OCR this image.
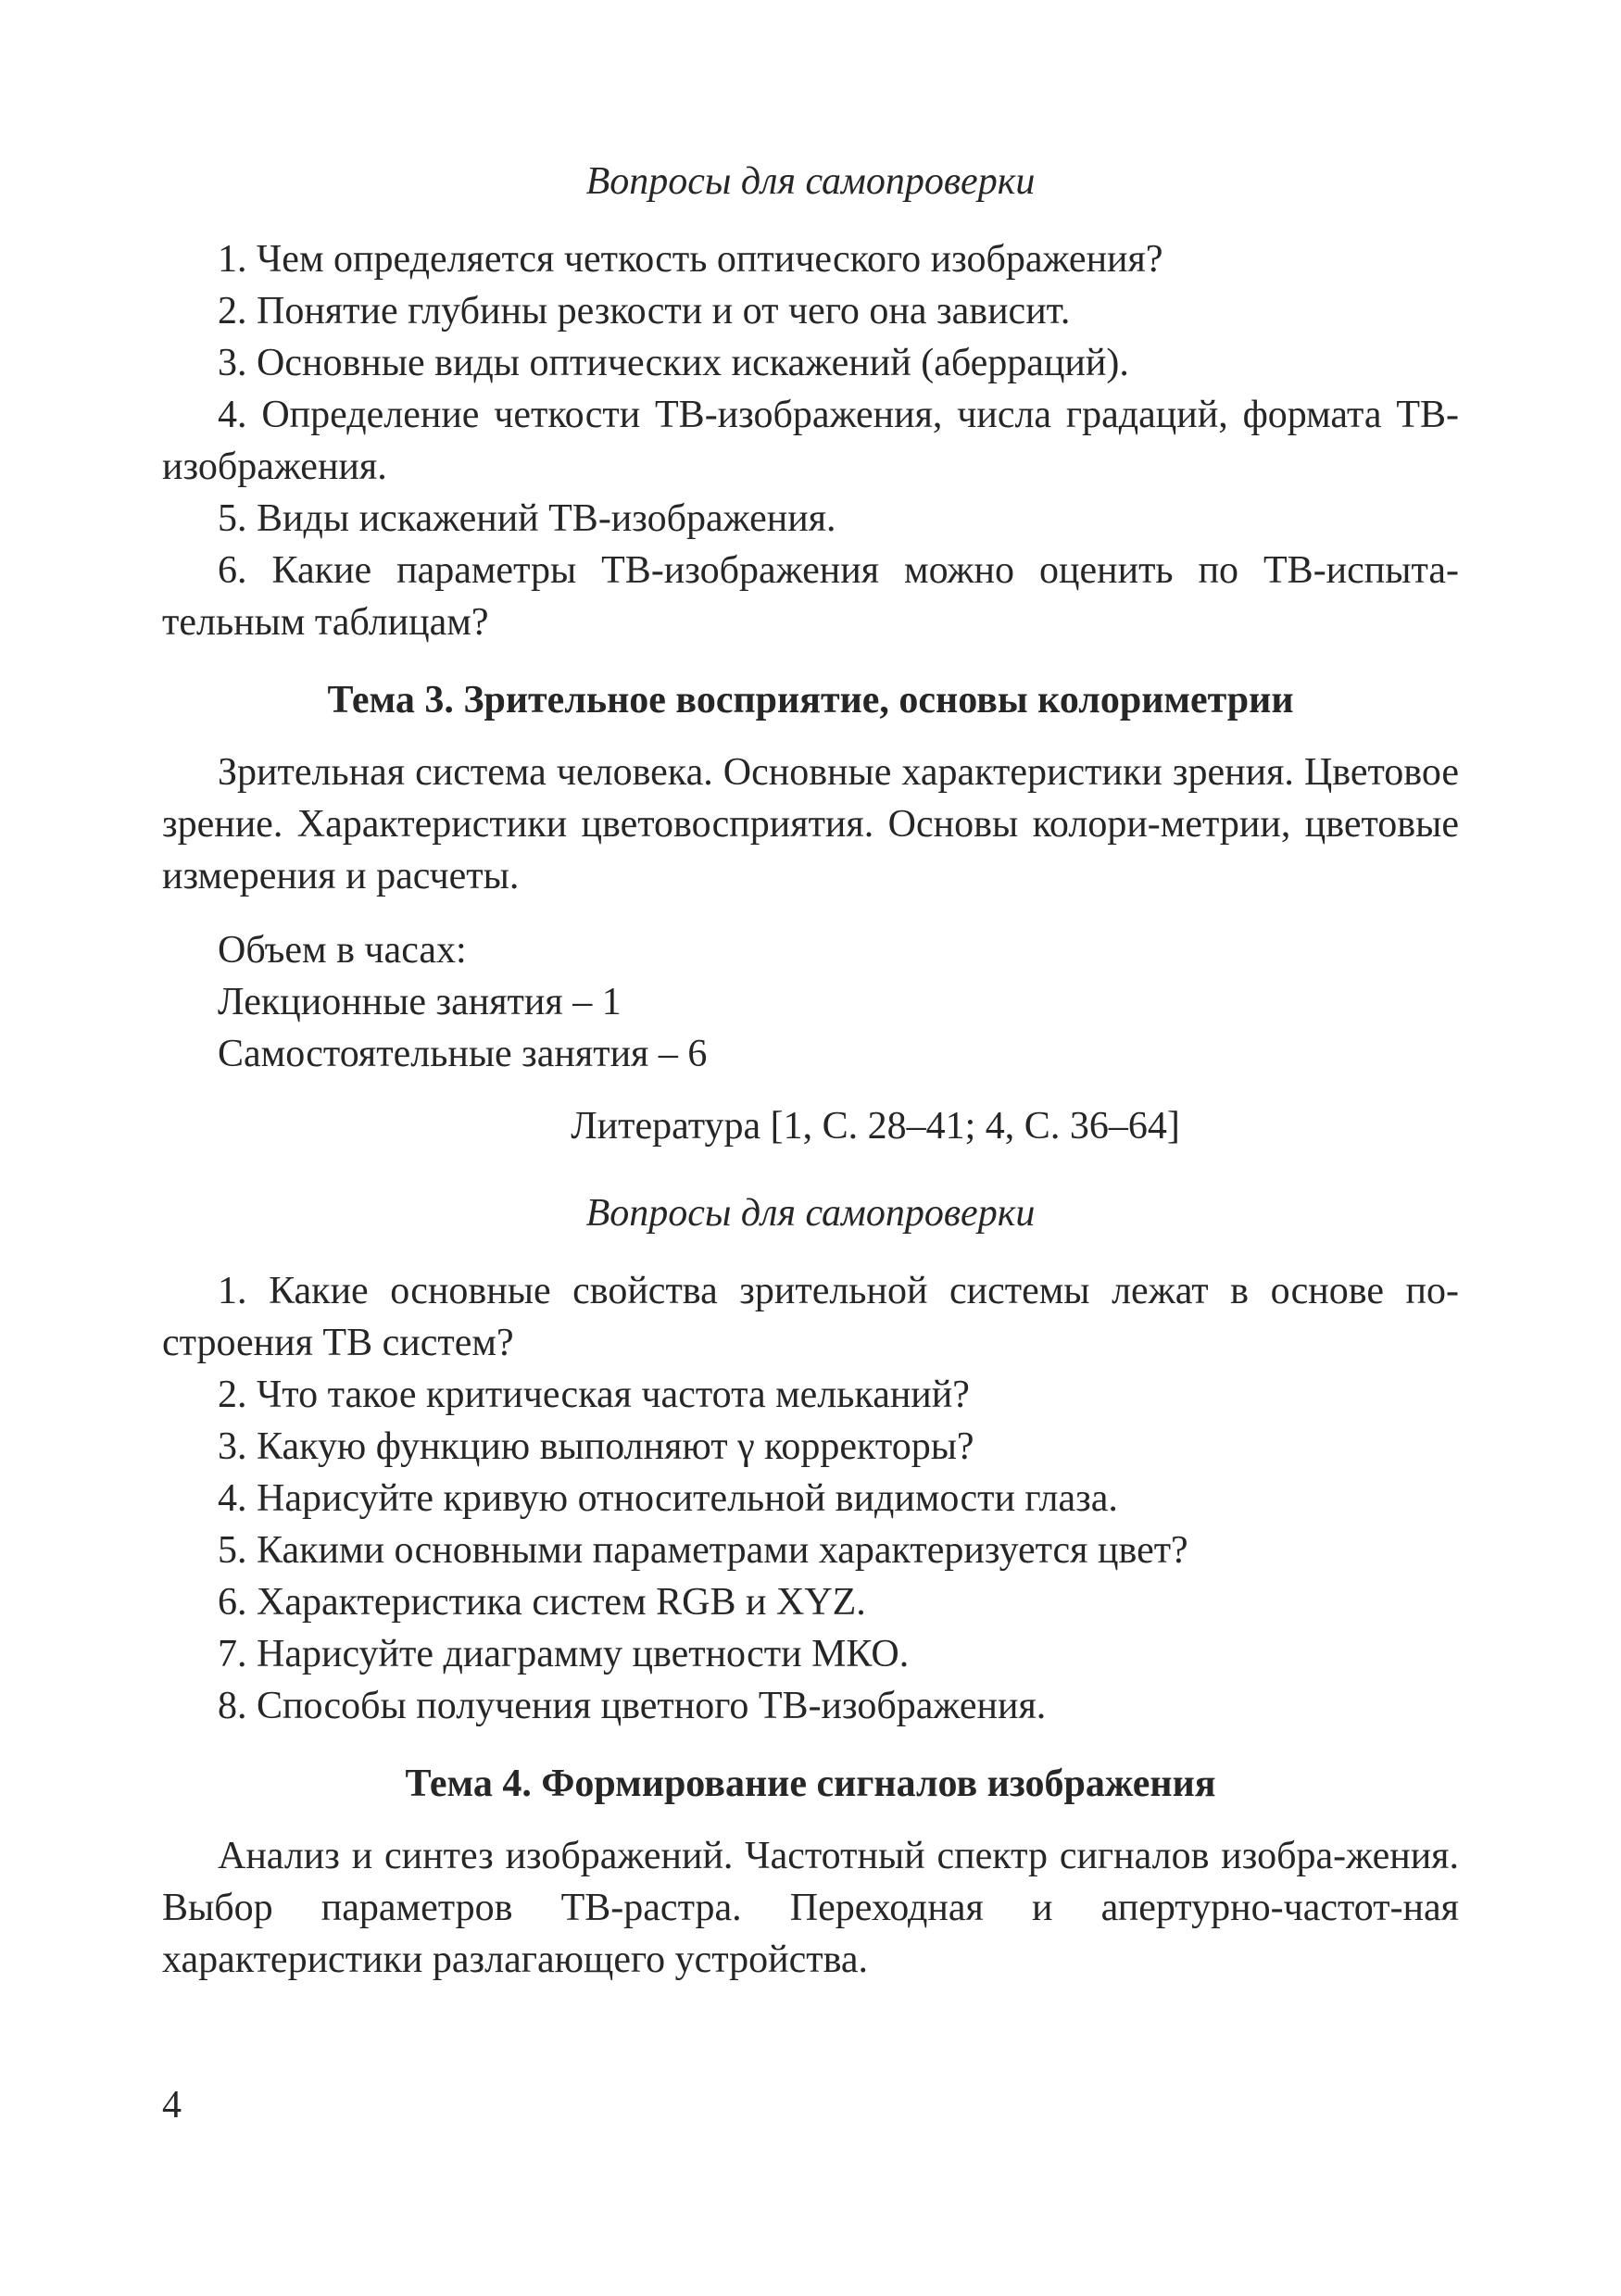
Вопросы для самопроверки

1. Чем определяется четкость оптического изображения?

2. Понятие глубины резкости и от чего она зависит.

3. Основные виды оптических искажений (аберраций).

4. Определение четкости ТВ-изображения, числа градаций, формата ТВ-изображения.

5. Виды искажений ТВ-изображения.

6. Какие параметры ТВ-изображения можно оценить по ТВ-испыта-тельным таблицам?

Тема 3. Зрительное восприятие, основы колориметрии

Зрительная система человека. Основные характеристики зрения. Цветовое зрение. Характеристики цветовосприятия. Основы колори-метрии, цветовые измерения и расчеты.

Объем в часах:

Лекционные занятия – 1

Самостоятельные занятия – 6

Литература [1, С. 28–41; 4, С. 36–64]

Вопросы для самопроверки

1. Какие основные свойства зрительной системы лежат в основе по-строения ТВ систем?

2. Что такое критическая частота мельканий?

3. Какую функцию выполняют γ корректоры?

4. Нарисуйте кривую относительной видимости глаза.

5. Какими основными параметрами характеризуется цвет?

6. Характеристика систем RGB и XYZ.

7. Нарисуйте диаграмму цветности МКО.

8. Способы получения цветного ТВ-изображения.

Тема 4. Формирование сигналов изображения

Анализ и синтез изображений. Частотный спектр сигналов изобра-жения. Выбор параметров ТВ-растра. Переходная и апертурно-частот-ная характеристики разлагающего устройства.

4
